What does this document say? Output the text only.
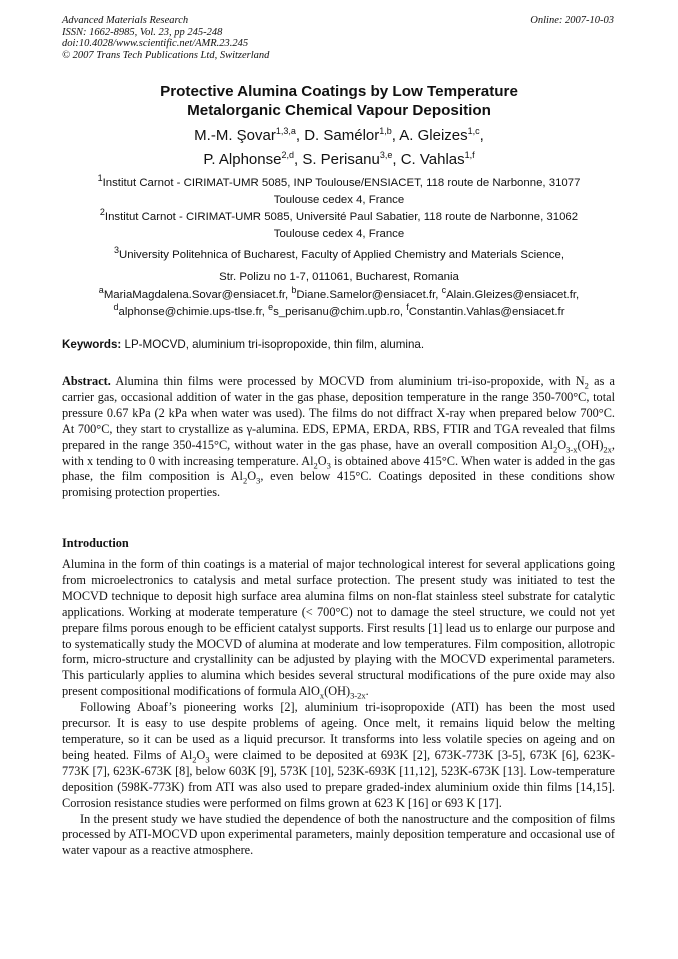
Advanced Materials Research
ISSN: 1662-8985, Vol. 23, pp 245-248
doi:10.4028/www.scientific.net/AMR.23.245
© 2007 Trans Tech Publications Ltd, Switzerland
Online: 2007-10-03
Protective Alumina Coatings by Low Temperature
Metalorganic Chemical Vapour Deposition
M.-M. Şovar$^{1,3,a}$, D. Samélor$^{1,b}$, A. Gleizes$^{1,c}$,
P. Alphonse$^{2,d}$, S. Perisanu$^{3,e}$, C. Vahlas$^{1,f}$
$^1$Institut Carnot - CIRIMAT-UMR 5085, INP Toulouse/ENSIACET, 118 route de Narbonne, 31077
Toulouse cedex 4, France
$^2$Institut Carnot - CIRIMAT-UMR 5085, Université Paul Sabatier, 118 route de Narbonne, 31062
Toulouse cedex 4, France
$^3$University Politehnica of Bucharest, Faculty of Applied Chemistry and Materials Science,
Str. Polizu no 1-7, 011061, Bucharest, Romania
$^a$MariaMagdalena.Sovar@ensiacet.fr, $^b$Diane.Samelor@ensiacet.fr, $^c$Alain.Gleizes@ensiacet.fr,
$^d$alphonse@chimie.ups-tlse.fr, $^e$s_perisanu@chim.upb.ro, $^f$Constantin.Vahlas@ensiacet.fr
Keywords: LP-MOCVD, aluminium tri-isopropoxide, thin film, alumina.
Abstract. Alumina thin films were processed by MOCVD from aluminium tri-iso-propoxide, with $N_2$ as a carrier gas, occasional addition of water in the gas phase, deposition temperature in the range 350-700°C, total pressure 0.67 kPa (2 kPa when water was used). The films do not diffract X-ray when prepared below 700°C. At 700°C, they start to crystallize as γ-alumina. EDS, EPMA, ERDA, RBS, FTIR and TGA revealed that films prepared in the range 350-415°C, without water in the gas phase, have an overall composition $Al_2O_{3-x}(OH)_{2x}$, with x tending to 0 with increasing temperature. $Al_2O_3$ is obtained above 415°C. When water is added in the gas phase, the film composition is $Al_2O_3$, even below 415°C. Coatings deposited in these conditions show promising protection properties.
Introduction
Alumina in the form of thin coatings is a material of major technological interest for several applications going from microelectronics to catalysis and metal surface protection. The present study was initiated to test the MOCVD technique to deposit high surface area alumina films on non-flat stainless steel substrate for catalytic applications. Working at moderate temperature (< 700°C) not to damage the steel structure, we could not yet prepare films porous enough to be efficient catalyst supports. First results [1] lead us to enlarge our purpose and to systematically study the MOCVD of alumina at moderate and low temperatures. Film composition, allotropic form, micro-structure and crystallinity can be adjusted by playing with the MOCVD experimental parameters. This particularly applies to alumina which besides several structural modifications of the pure oxide may also present compositional modifications of formula $AlO_x(OH)_{3-2x}$.
Following Aboaf’s pioneering works [2], aluminium tri-isopropoxide (ATI) has been the most used precursor. It is easy to use despite problems of ageing. Once melt, it remains liquid below the melting temperature, so it can be used as a liquid precursor. It transforms into less volatile species on ageing and on being heated. Films of $Al_2O_3$ were claimed to be deposited at 693K [2], 673K-773K [3-5], 673K [6], 623K-773K [7], 623K-673K [8], below 603K [9], 573K [10], 523K-693K [11,12], 523K-673K [13]. Low-temperature deposition (598K-773K) from ATI was also used to prepare graded-index aluminium oxide thin films [14,15]. Corrosion resistance studies were performed on films grown at 623 K [16] or 693 K [17].
In the present study we have studied the dependence of both the nanostructure and the composition of films processed by ATI-MOCVD upon experimental parameters, mainly deposition temperature and occasional use of water vapour as a reactive atmosphere.
